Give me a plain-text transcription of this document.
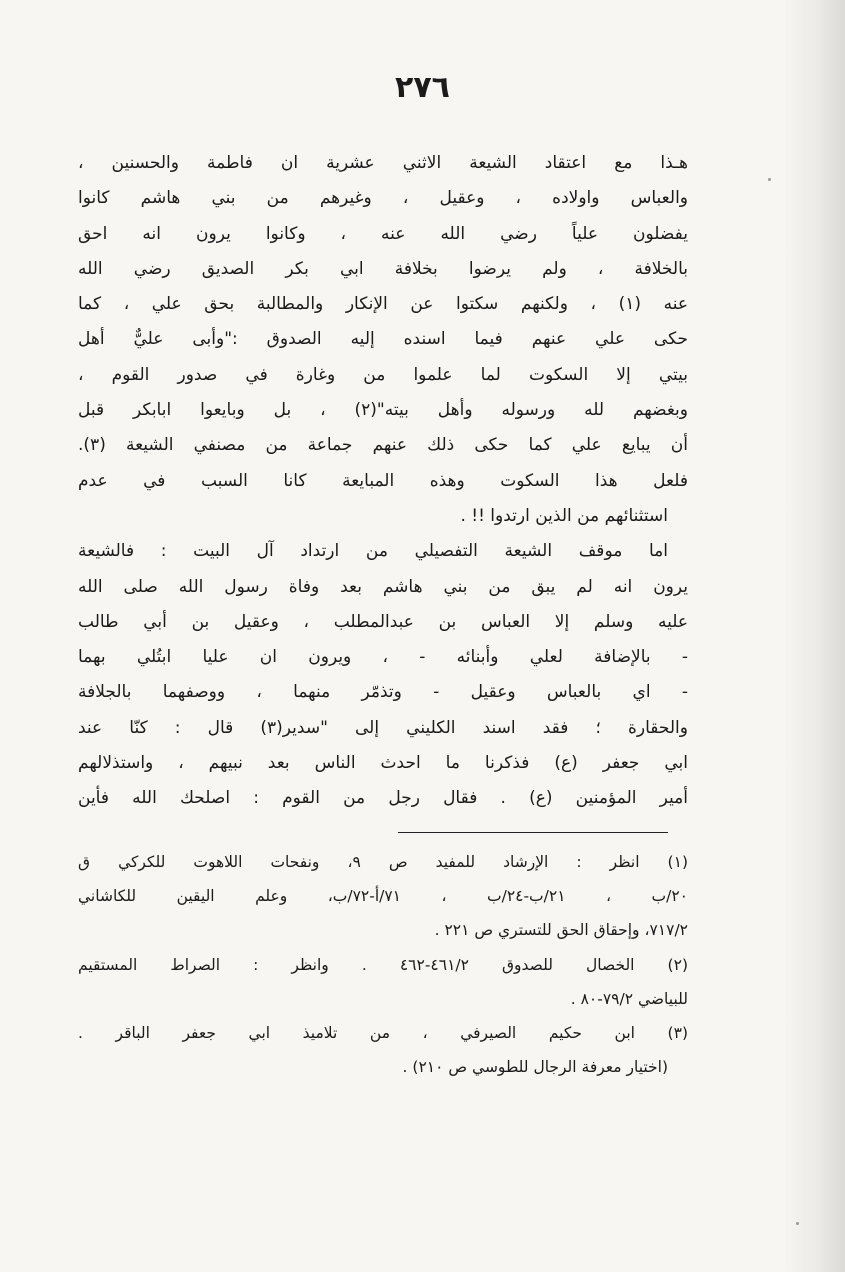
٢٧٦
هـذا مع اعتقاد الشيعة الاثني عشرية ان فاطمة والحسنين ،
والعباس واولاده ، وعقيل ، وغيرهم من بني هاشم كانوا
يفضلون علياً رضي الله عنه ، وكانوا يرون انه احق
بالخلافة ، ولم يرضوا بخلافة ابي بكر الصديق رضي الله
عنه (١) ، ولكنهم سكتوا عن الإنكار والمطالبة بحق علي ، كما
حكى علي عنهم فيما اسنده إليه الصدوق :"وأبى عليٌّ أهل
بيتي إلا السكوت لما علموا من وغارة في صدور القوم ،
وبغضهم لله ورسوله وأهل بيته"(٢) ، بل وبايعوا ابابكر قبل
أن يبايع علي كما حكى ذلك عنهم جماعة من مصنفي الشيعة (٣).
فلعل هذا السكوت وهذه المبايعة كانا السبب في عدم
استثنائهم من الذين ارتدوا !! .
اما موقف الشيعة التفصيلي من ارتداد آل البيت : فالشيعة
يرون انه لم يبق من بني هاشم بعد وفاة رسول الله صلى الله
عليه وسلم إلا العباس بن عبدالمطلب ، وعقيل بن أبي طالب
- بالإضافة لعلي وأبنائه - ، ويرون ان عليا ابتُلي بهما
- اي بالعباس وعقيل - وتذمّر منهما ، ووصفهما بالجلافة
والحقارة ؛ فقد اسند الكليني إلى "سدير(٣) قال : كنّا عند
ابي جعفر (ع) فذكرنا ما احدث الناس بعد نبيهم ، واستذلالهم
أمير المؤمنين (ع) . فقال رجل من القوم : اصلحك الله فأين
(١) انظر : الإرشاد للمفيد ص ٩، ونفحات اللاهوت للكركي ق
٢٠/ب ، ٢١/ب-٢٤/ب ، ٧١/أ-٧٢/ب، وعلم اليقين للكاشاني
٧١٧/٢، وإحقاق الحق للتستري ص ٢٢١ .
(٢) الخصال للصدوق ٤٦١/٢-٤٦٢ . وانظر : الصراط المستقيم
للبياضي ٧٩/٢-٨٠ .
(٣) ابن حكيم الصيرفي ، من تلاميذ ابي جعفر الباقر .
(اختيار معرفة الرجال للطوسي ص ٢١٠) .
